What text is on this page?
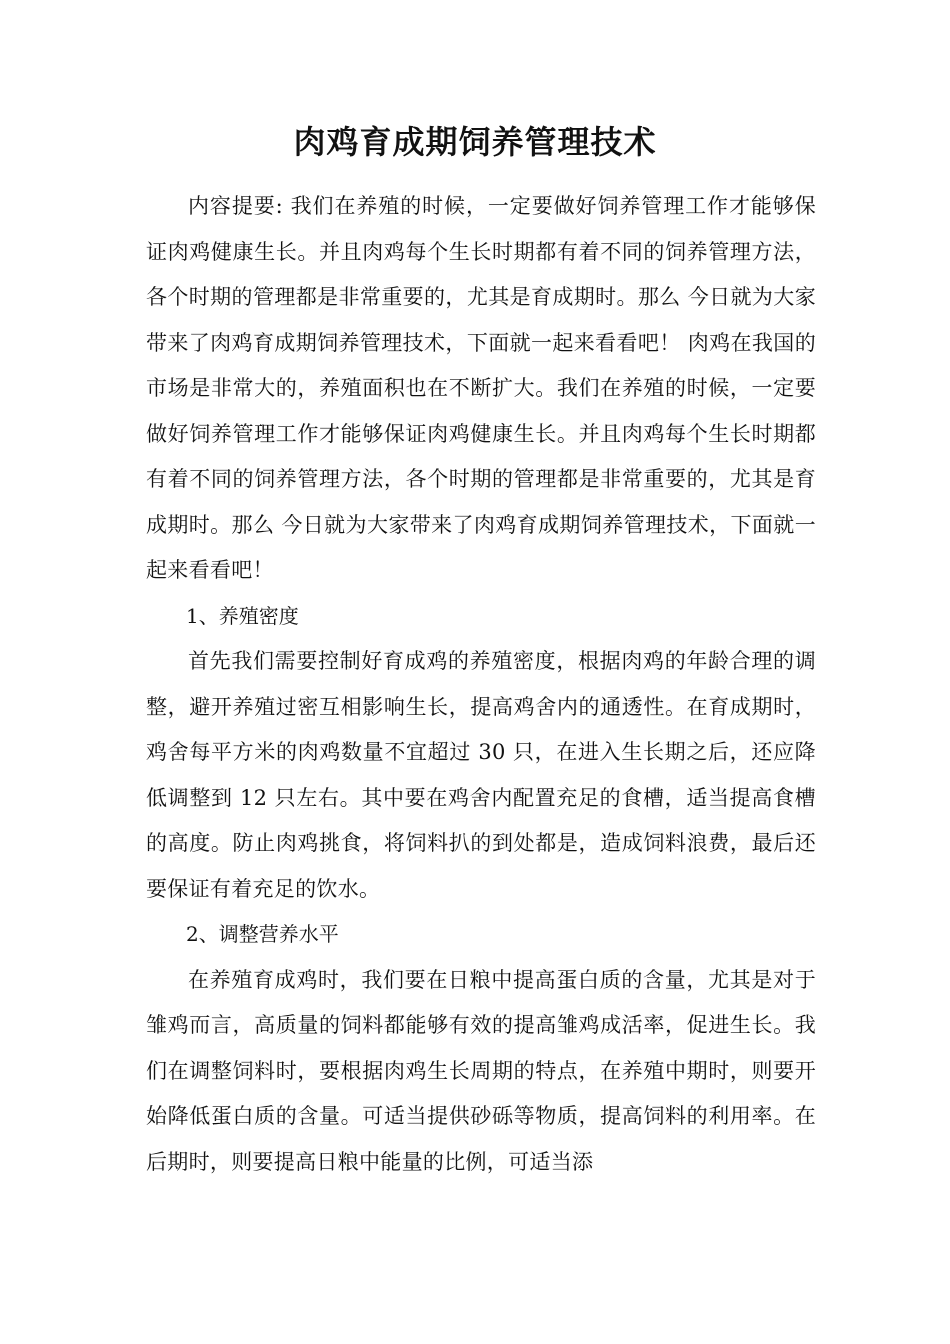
肉鸡育成期饲养管理技术

内容提要: 我们在养殖的时候，一定要做好饲养管理工作才能够保证肉鸡健康生长。并且肉鸡每个生长时期都有着不同的饲养管理方法，各个时期的管理都是非常重要的，尤其是育成期时。那么 今日就为大家带来了肉鸡育成期饲养管理技术，下面就一起来看看吧！ 肉鸡在我国的市场是非常大的，养殖面积也在不断扩大。我们在养殖的时候，一定要做好饲养管理工作才能够保证肉鸡健康生长。并且肉鸡每个生长时期都有着不同的饲养管理方法，各个时期的管理都是非常重要的，尤其是育成期时。那么 今日就为大家带来了肉鸡育成期饲养管理技术，下面就一起来看看吧！

1、养殖密度

首先我们需要控制好育成鸡的养殖密度，根据肉鸡的年龄合理的调整，避开养殖过密互相影响生长，提高鸡舍内的通透性。在育成期时，鸡舍每平方米的肉鸡数量不宜超过 30 只，在进入生长期之后，还应降低调整到 12 只左右。其中要在鸡舍内配置充足的食槽，适当提高食槽的高度。防止肉鸡挑食，将饲料扒的到处都是，造成饲料浪费，最后还要保证有着充足的饮水。

2、调整营养水平

在养殖育成鸡时，我们要在日粮中提高蛋白质的含量，尤其是对于雏鸡而言，高质量的饲料都能够有效的提高雏鸡成活率，促进生长。我们在调整饲料时，要根据肉鸡生长周期的特点，在养殖中期时，则要开始降低蛋白质的含量。可适当提供砂砾等物质，提高饲料的利用率。在后期时，则要提高日粮中能量的比例，可适当添
